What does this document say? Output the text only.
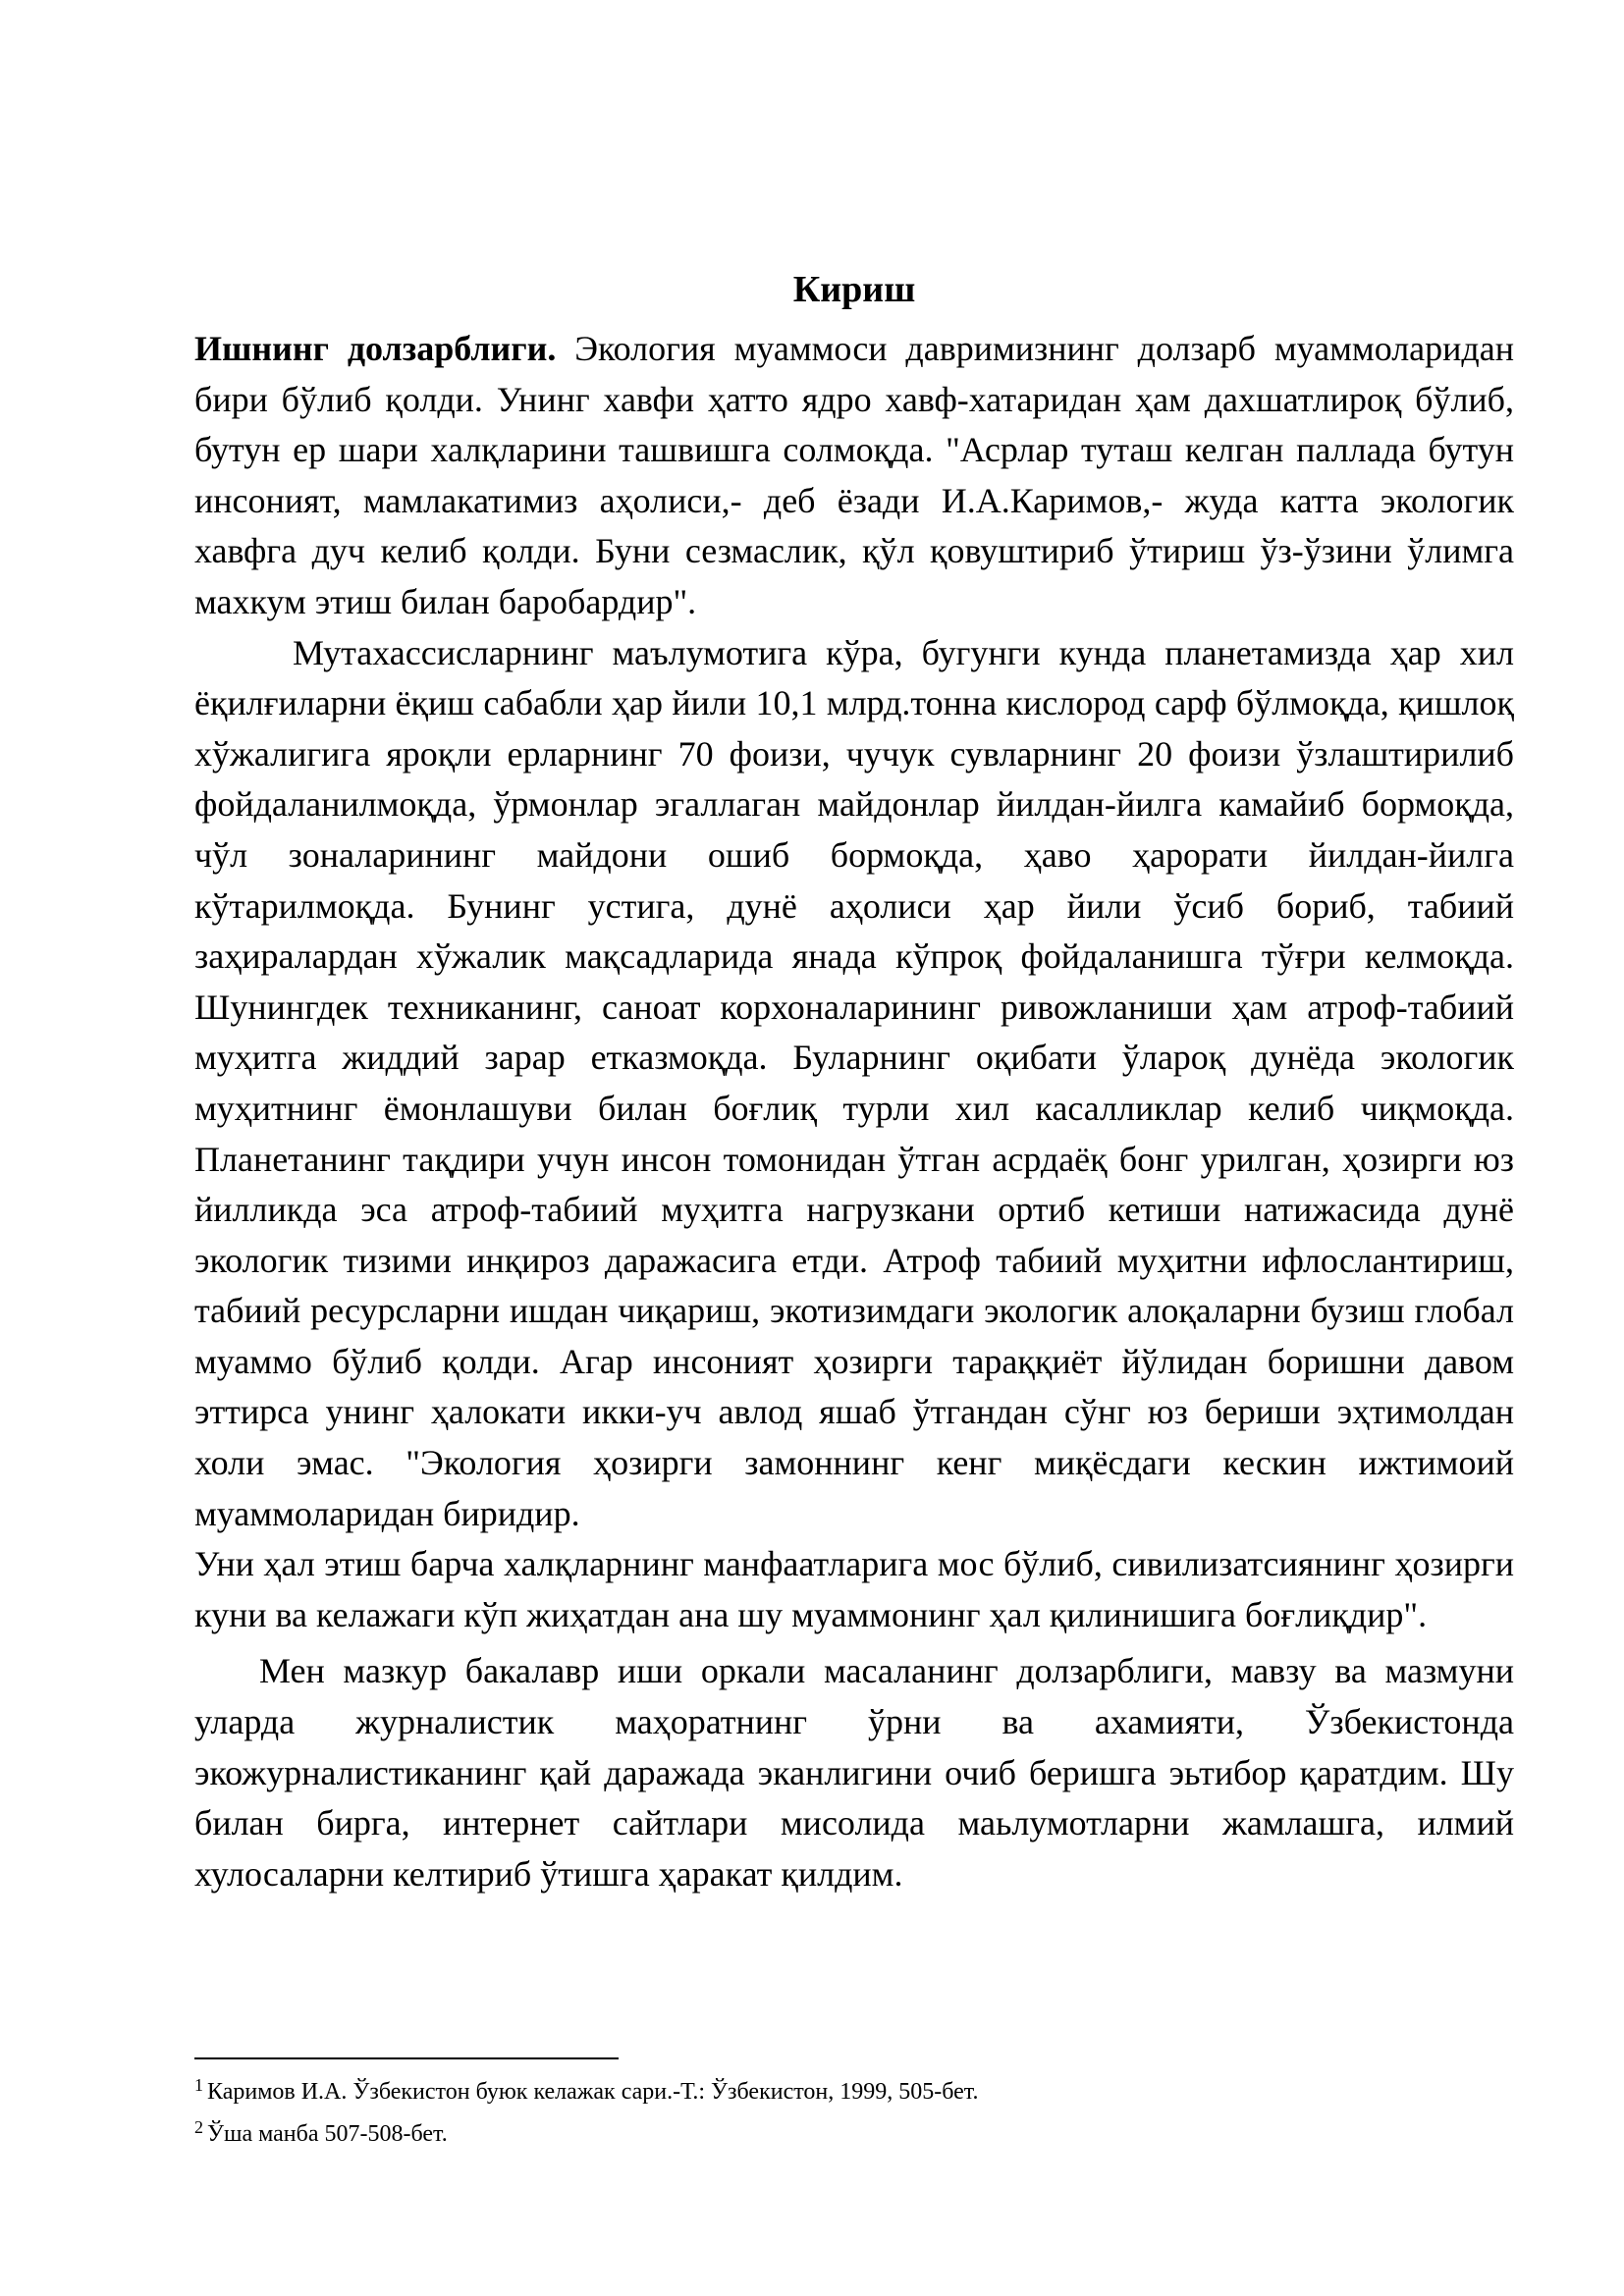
Кириш

Ишнинг долзарблиги. Экология муаммоси давримизнинг долзарб муаммоларидан бири бўлиб қолди. Унинг хавфи ҳатто ядро хавф-хатаридан ҳам дахшатлироқ бўлиб, бутун ер шари халқларини ташвишга солмоқда. "Асрлар туташ келган паллада бутун инсоният, мамлакатимиз аҳолиси,- деб ёзади И.А.Каримов,- жуда катта экологик хавфга дуч келиб қолди. Буни сезмаслик, қўл қовуштириб ўтириш ўз-ўзини ўлимга махкум этиш билан баробардир".

Мутахассисларнинг маълумотига кўра, бугунги кунда планетамизда ҳар хил ёқилғиларни ёқиш сабабли ҳар йили 10,1 млрд.тонна кислород сарф бўлмоқда, қишлоқ хўжалигига яроқли ерларнинг 70 фоизи, чучук сувларнинг 20 фоизи ўзлаштирилиб фойдаланилмоқда, ўрмонлар эгаллаган майдонлар йилдан-йилга камайиб бормоқда, чўл зоналарининг майдони ошиб бормоқда, ҳаво ҳарорати йилдан-йилга кўтарилмоқда. Бунинг устига, дунё аҳолиси ҳар йили ўсиб бориб, табиий заҳиралардан хўжалик мақсадларида янада кўпроқ фойдаланишга тўғри келмоқда. Шунингдек техниканинг, саноат корхоналарининг ривожланиши ҳам атроф-табиий муҳитга жиддий зарар етказмоқда. Буларнинг оқибати ўлароқ дунёда экологик муҳитнинг ёмонлашуви билан боғлиқ турли хил касалликлар келиб чиқмоқда. Планетанинг тақдири учун инсон томонидан ўтган асрдаёқ бонг урилган, ҳозирги юз йилликда эса атроф-табиий муҳитга нагрузкани ортиб кетиши натижасида дунё экологик тизими инқироз даражасига етди. Атроф табиий муҳитни ифлослантириш, табиий ресурсларни ишдан чиқариш, экотизимдаги экологик алоқаларни бузиш глобал муаммо бўлиб қолди. Агар инсоният ҳозирги тараққиёт йўлидан боришни давом эттирса унинг ҳалокати икки-уч авлод яшаб ўтгандан сўнг юз бериши эҳтимолдан холи эмас. "Экология ҳозирги замоннинг кенг миқёсдаги кескин ижтимоий муаммоларидан биридир.

Уни ҳал этиш барча халқларнинг манфаатларига мос бўлиб, сивилизатсиянинг ҳозирги куни ва келажаги кўп жиҳатдан ана шу муаммонинг ҳал қилинишига боғлиқдир".

Мен мазкур бакалавр иши оркали масаланинг долзарблиги, мавзу ва мазмуни уларда журналистик маҳоратнинг ўрни ва ахамияти, Ўзбекистонда экожурналистиканинг қай даражада эканлигини очиб беришга эьтибор қаратдим. Шу билан бирга, интернет сайтлари мисолида маьлумотларни жамлашга, илмий хулосаларни келтириб ўтишга ҳаракат қилдим.

$^1$ Каримов И.А. Ўзбекистон буюк келажак сари.-Т.: Ўзбекистон, 1999, 505-бет.

$^2$ Ўша манба 507-508-бет.
